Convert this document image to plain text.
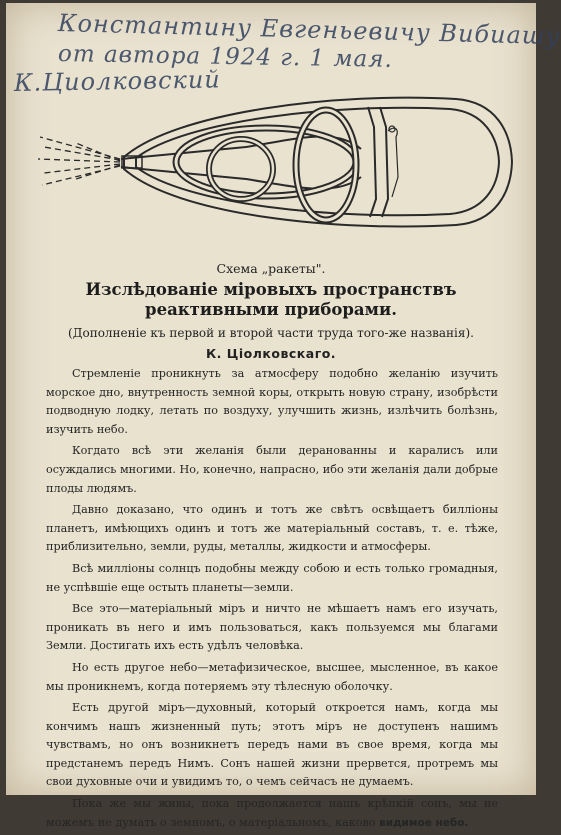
Константину Евгеньевичу Вибиашу
от автора 1924 г. 1 мая.
К.Циолковский
Схема „ракеты".
Изслѣдованіе міровыхъ пространствъ реактивными приборами.
(Дополненіе къ первой и второй части труда того-же названія).
К. Ціолковскаго.

Стремленіе проникнуть за атмосферу подобно желанію изучить морское дно, внутренность земной коры, открыть новую страну, изобрѣсти подводную лодку, летать по воздуху, улучшить жизнь, излѣчить болѣзнь, изучить небо.

Когдато всѣ эти желанія были деранованны и каралисъ или осуждались многими. Но, конечно, напрасно, ибо эти желанія дали добрые плоды людямъ.

Давно доказано, что одинъ и тотъ же свѣтъ освѣщаетъ билліоны планетъ, имѣющихъ одинъ и тотъ же матеріальный составъ, т. е. тѣже, приблизительно, земли, руды, металлы, жидкости и атмосферы.

Всѣ милліоны солнцъ подобны между собою и есть только громадныя, не успѣвшіе еще остыть планеты—земли.

Все это—матеріальный міръ и ничто не мѣшаетъ намъ его изучать, проникать въ него и имъ пользоваться, какъ пользуемся мы благами Земли. Достигать ихъ есть удѣлъ человѣка.

Но есть другое небо—метафизическое, высшее, мысленное, въ какое мы проникнемъ, когда потеряемъ эту тѣлесную оболочку.

Есть другой міръ—духовный, который откроется намъ, когда мы кончимъ нашъ жизненный путь; этотъ міръ не доступенъ нашимъ чувствамъ, но онъ возникнетъ передъ нами въ свое время, когда мы предстанемъ передъ Нимъ. Сонъ нашей жизни прервется, протремъ мы свои духовные очи и увидимъ то, о чемъ сейчасъ не думаемъ.

Пока же мы живы, пока продолжается нашъ крѣпкій сонъ, мы не можемъ не думать о земномъ, о матеріальномъ, каково видимое небо.
